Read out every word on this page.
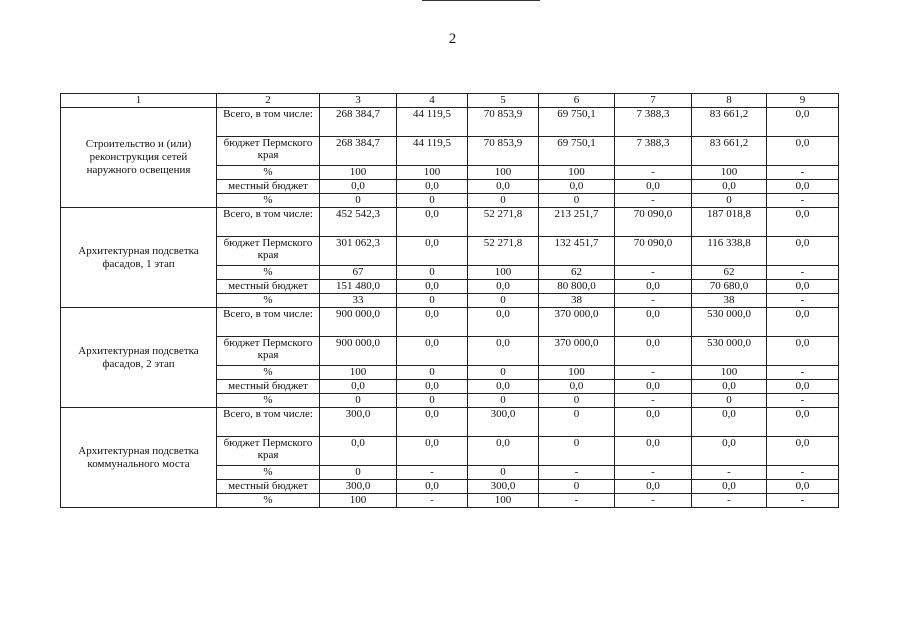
2
1	2	3	4	5	6	7	8	9
Строительство и (или) реконструкция сетей наружного освещения	Всего, в том числе:	268 384,7	44 119,5	70 853,9	69 750,1	7 388,3	83 661,2	0,0
	бюджет Пермского края	268 384,7	44 119,5	70 853,9	69 750,1	7 388,3	83 661,2	0,0
	%	100	100	100	100	-	100	-
	местный бюджет	0,0	0,0	0,0	0,0	0,0	0,0	0,0
	%	0	0	0	0	-	0	-
Архитектурная подсветка фасадов, 1 этап	Всего, в том числе:	452 542,3	0,0	52 271,8	213 251,7	70 090,0	187 018,8	0,0
	бюджет Пермского края	301 062,3	0,0	52 271,8	132 451,7	70 090,0	116 338,8	0,0
	%	67	0	100	62	-	62	-
	местный бюджет	151 480,0	0,0	0,0	80 800,0	0,0	70 680,0	0,0
	%	33	0	0	38	-	38	-
Архитектурная подсветка фасадов, 2 этап	Всего, в том числе:	900 000,0	0,0	0,0	370 000,0	0,0	530 000,0	0,0
	бюджет Пермского края	900 000,0	0,0	0,0	370 000,0	0,0	530 000,0	0,0
	%	100	0	0	100	-	100	-
	местный бюджет	0,0	0,0	0,0	0,0	0,0	0,0	0,0
	%	0	0	0	0	-	0	-
Архитектурная подсветка коммунального моста	Всего, в том числе:	300,0	0,0	300,0	0	0,0	0,0	0,0
	бюджет Пермского края	0,0	0,0	0,0	0	0,0	0,0	0,0
	%	0	-	0	-	-	-	-
	местный бюджет	300,0	0,0	300,0	0	0,0	0,0	0,0
	%	100	-	100	-	-	-	-
